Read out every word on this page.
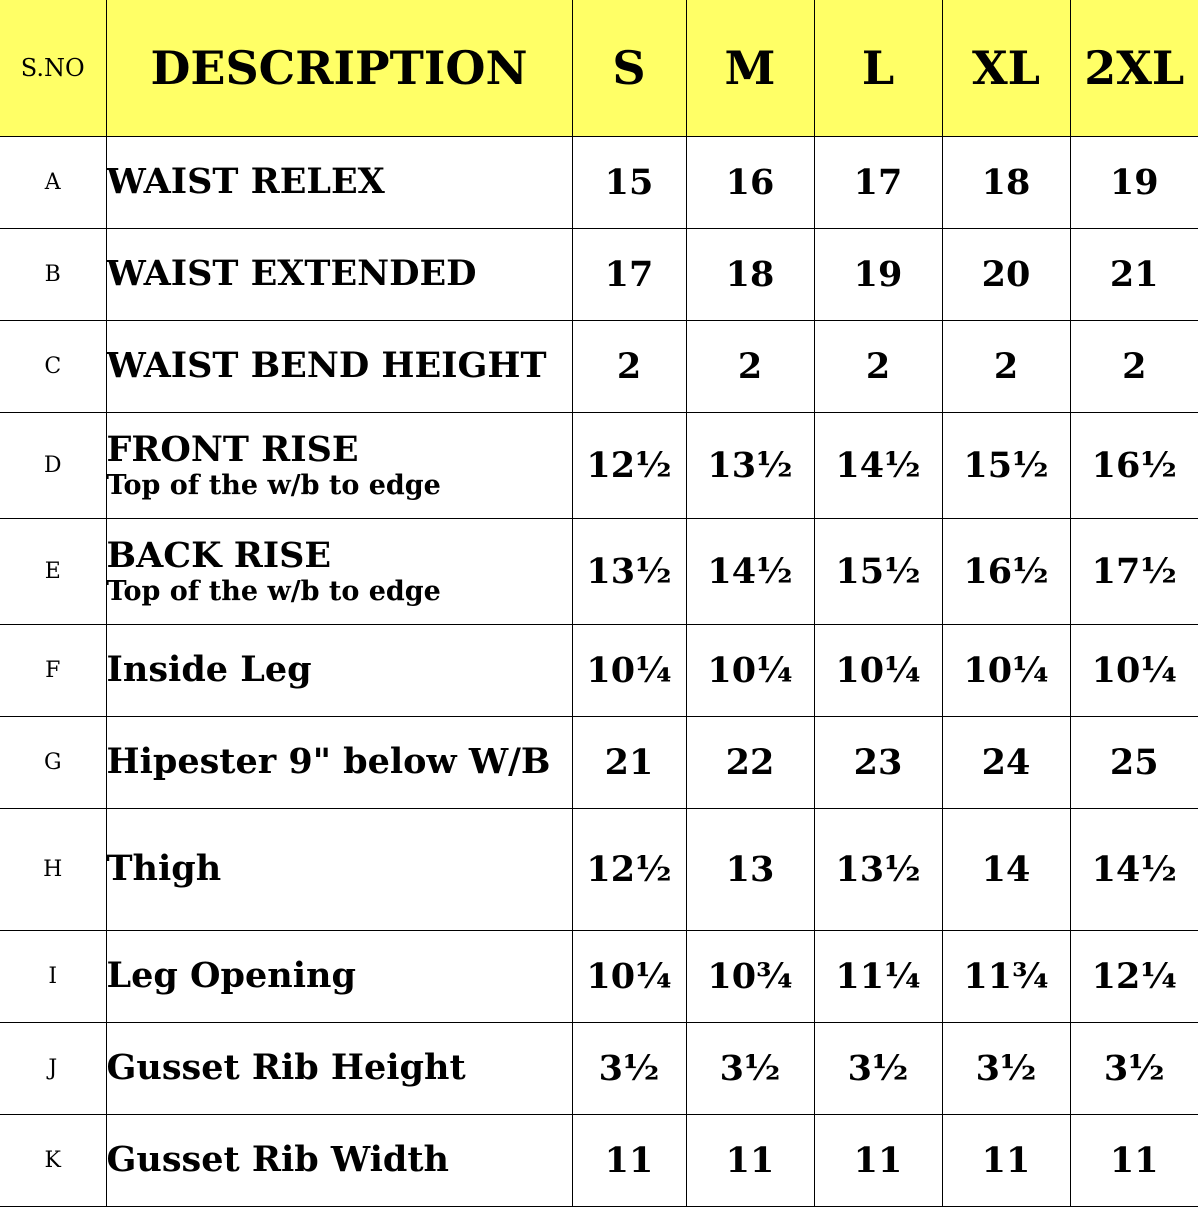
S.NO	DESCRIPTION	S	M	L	XL	2XL
A	WAIST RELEX	15	16	17	18	19
B	WAIST EXTENDED	17	18	19	20	21
C	WAIST BEND HEIGHT	2	2	2	2	2
D	FRONT RISE
Top of the w/b to edge	12½	13½	14½	15½	16½
E	BACK RISE
Top of the w/b to edge	13½	14½	15½	16½	17½
F	Inside Leg	10¼	10¼	10¼	10¼	10¼
G	Hipester 9" below W/B	21	22	23	24	25
H	Thigh	12½	13	13½	14	14½
I	Leg Opening	10¼	10¾	11¼	11¾	12¼
J	Gusset Rib Height	3½	3½	3½	3½	3½
K	Gusset Rib Width	11	11	11	11	11
